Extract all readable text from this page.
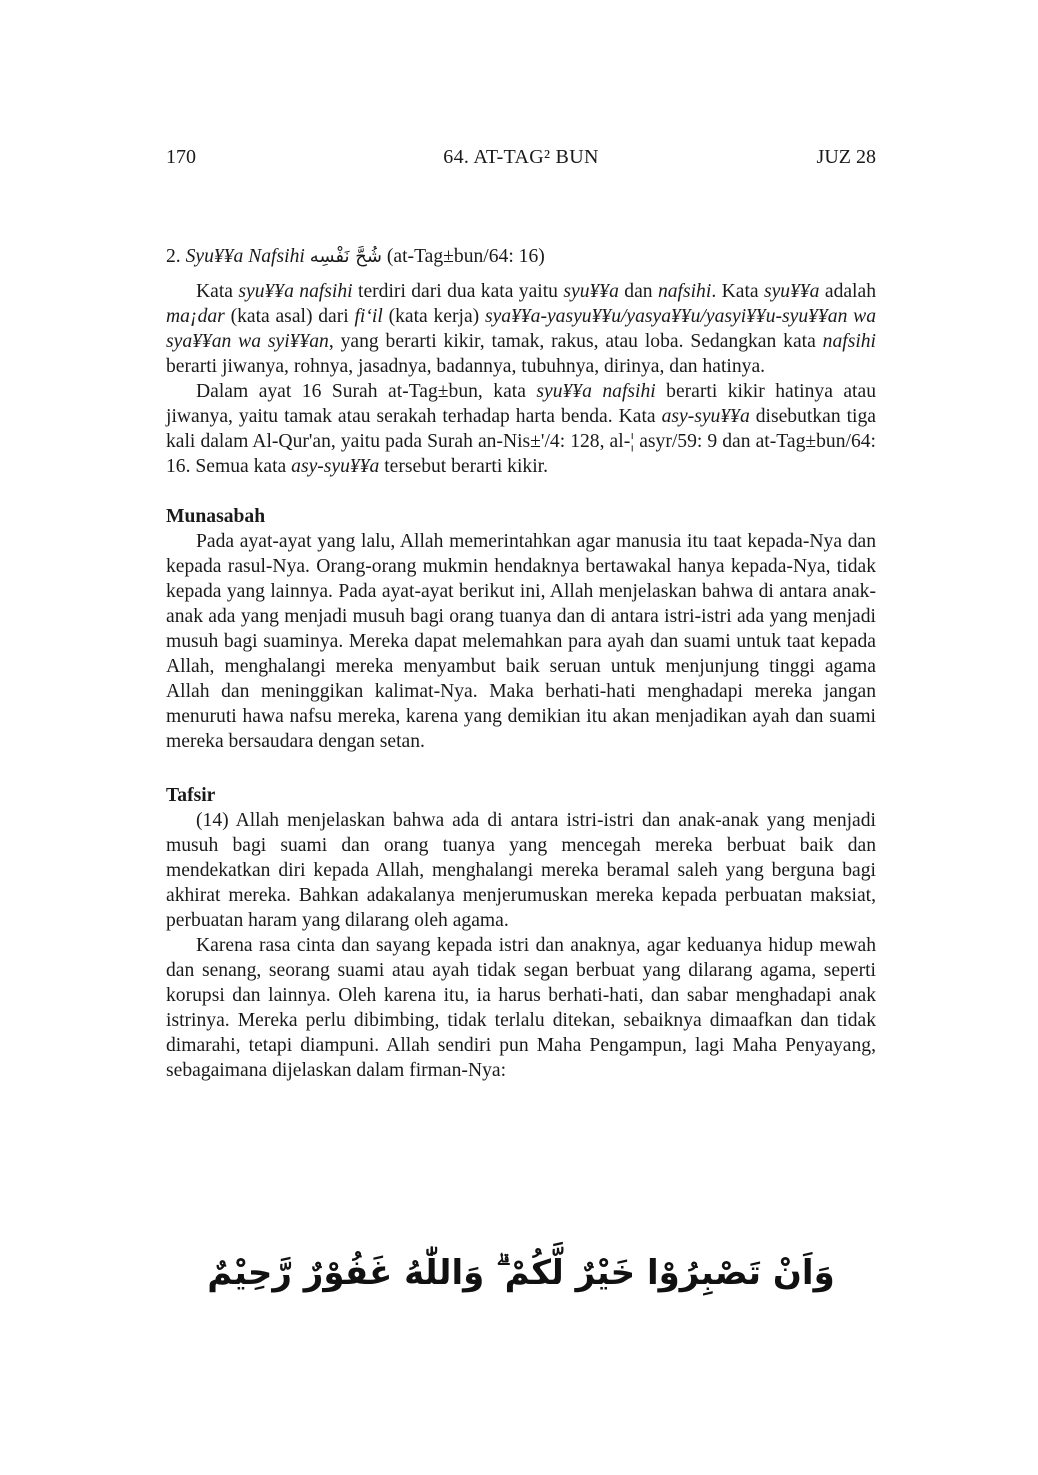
170	64. AT-TAG² BUN	JUZ 28

2. Syu¥¥a Nafsihi شُحَّ نَفْسِه (at-Tag±bun/64: 16)

Kata syu¥¥a nafsihi terdiri dari dua kata yaitu syu¥¥a dan nafsihi. Kata syu¥¥a adalah ma¡dar (kata asal) dari fi‘il (kata kerja) sya¥¥a-yasyu¥¥u/yasya¥¥u/yasyi¥¥u-syu¥¥an wa sya¥¥an wa syi¥¥an, yang berarti kikir, tamak, rakus, atau loba. Sedangkan kata nafsihi berarti jiwanya, rohnya, jasadnya, badannya, tubuhnya, dirinya, dan hatinya.

Dalam ayat 16 Surah at-Tag±bun, kata syu¥¥a nafsihi berarti kikir hatinya atau jiwanya, yaitu tamak atau serakah terhadap harta benda. Kata asy-syu¥¥a disebutkan tiga kali dalam Al-Qur'an, yaitu pada Surah an-Nis±'/4: 128, al-¦ asyr/59: 9 dan at-Tag±bun/64: 16. Semua kata asy-syu¥¥a tersebut berarti kikir.

Munasabah

Pada ayat-ayat yang lalu, Allah memerintahkan agar manusia itu taat kepada-Nya dan kepada rasul-Nya. Orang-orang mukmin hendaknya bertawakal hanya kepada-Nya, tidak kepada yang lainnya. Pada ayat-ayat berikut ini, Allah menjelaskan bahwa di antara anak-anak ada yang menjadi musuh bagi orang tuanya dan di antara istri-istri ada yang menjadi musuh bagi suaminya. Mereka dapat melemahkan para ayah dan suami untuk taat kepada Allah, menghalangi mereka menyambut baik seruan untuk menjunjung tinggi agama Allah dan meninggikan kalimat-Nya. Maka berhati-hati menghadapi mereka jangan menuruti hawa nafsu mereka, karena yang demikian itu akan menjadikan ayah dan suami mereka bersaudara dengan setan.

Tafsir

(14) Allah menjelaskan bahwa ada di antara istri-istri dan anak-anak yang menjadi musuh bagi suami dan orang tuanya yang mencegah mereka berbuat baik dan mendekatkan diri kepada Allah, menghalangi mereka beramal saleh yang berguna bagi akhirat mereka. Bahkan adakalanya menjerumuskan mereka kepada perbuatan maksiat, perbuatan haram yang dilarang oleh agama.

Karena rasa cinta dan sayang kepada istri dan anaknya, agar keduanya hidup mewah dan senang, seorang suami atau ayah tidak segan berbuat yang dilarang agama, seperti korupsi dan lainnya. Oleh karena itu, ia harus berhati-hati, dan sabar menghadapi anak istrinya. Mereka perlu dibimbing, tidak terlalu ditekan, sebaiknya dimaafkan dan tidak dimarahi, tetapi diampuni. Allah sendiri pun Maha Pengampun, lagi Maha Penyayang, sebagaimana dijelaskan dalam firman-Nya:

وَاَنْ تَصْبِرُوْا خَيْرٌ لَّكُمْ ۗ وَاللّٰهُ غَفُوْرٌ رَّحِيْمٌ
